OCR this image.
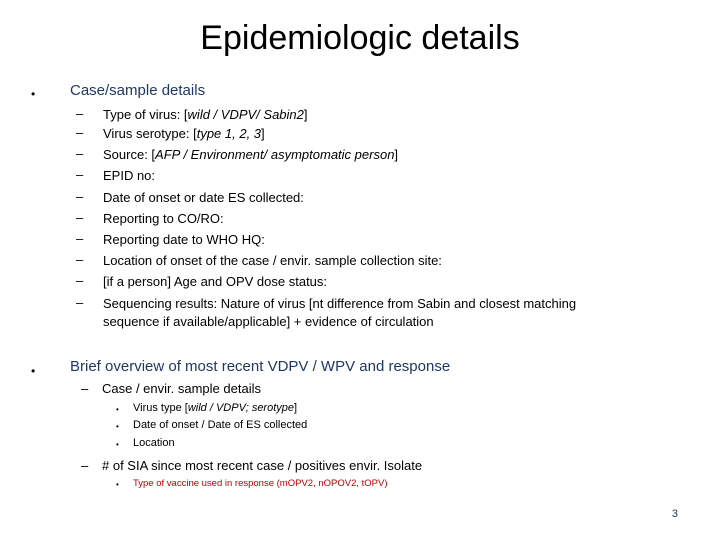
Epidemiologic details
• Case/sample details
– Type of virus: [wild / VDPV/ Sabin2]
– Virus serotype: [type 1, 2, 3]
– Source: [AFP / Environment/ asymptomatic person]
– EPID no:
– Date of onset or date ES collected:
– Reporting to CO/RO:
– Reporting date to WHO HQ:
– Location of onset of the case / envir. sample collection site:
– [if a person] Age and OPV dose status:
– Sequencing results: Nature of virus [nt difference from Sabin and closest matching
sequence if available/applicable] + evidence of circulation
• Brief overview of most recent VDPV / WPV and response
– Case / envir. sample details
• Virus type [wild / VDPV; serotype]
• Date of onset / Date of ES collected
• Location
– # of SIA since most recent case / positives envir. Isolate
• Type of vaccine used in response (mOPV2, nOPOV2, tOPV)
3
